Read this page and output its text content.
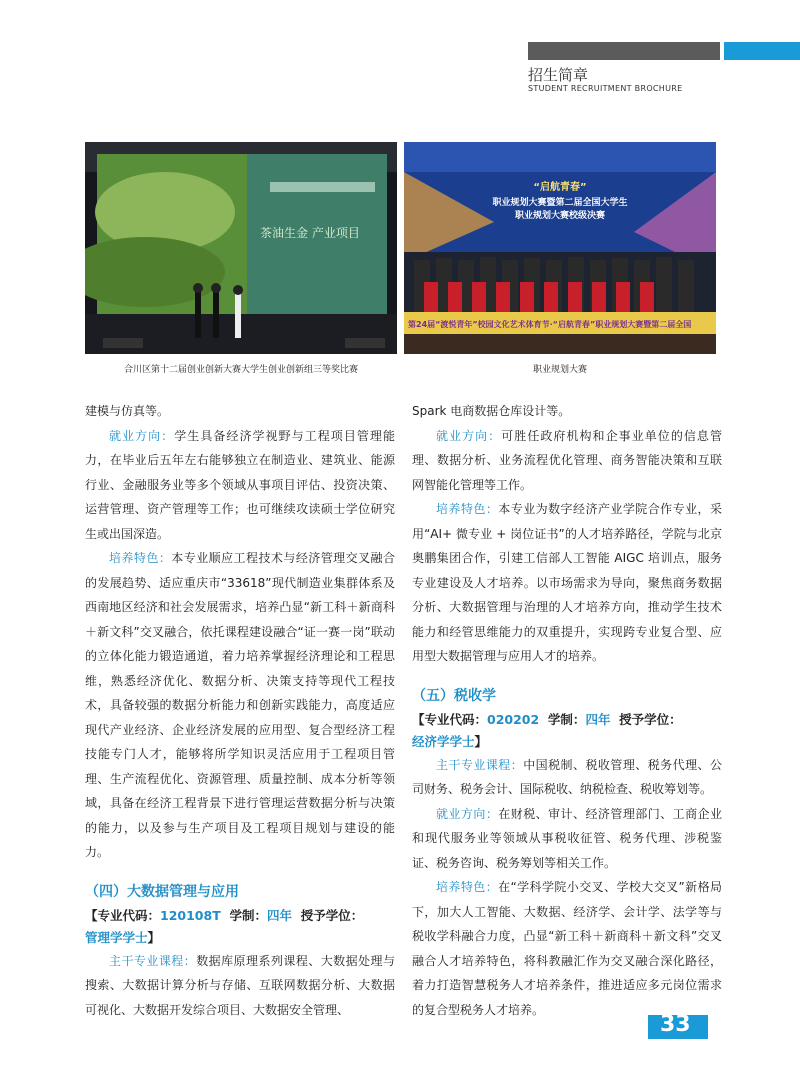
招生简章
STUDENT RECRUITMENT BROCHURE
茶油生金 产业项目
合川区第十二届创业创新大赛大学生创业创新组三等奖比赛
“启航青春”
职业规划大赛暨第二届全国大学生
职业规划大赛校级决赛
第24届“渡悦青年”校园文化艺术体育节·“启航青春”职业规划大赛暨第二届全国
职业规划大赛

建模与仿真等。

就业方向：学生具备经济学视野与工程项目管理能力，在毕业后五年左右能够独立在制造业、建筑业、能源行业、金融服务业等多个领域从事项目评估、投资决策、运营管理、资产管理等工作；也可继续攻读硕士学位研究生或出国深造。

培养特色：本专业顺应工程技术与经济管理交叉融合的发展趋势、适应重庆市“33618”现代制造业集群体系及西南地区经济和社会发展需求，培养凸显“新工科＋新商科＋新文科”交叉融合，依托课程建设融合“证一赛一岗”联动的立体化能力锻造通道，着力培养掌握经济理论和工程思维，熟悉经济优化、数据分析、决策支持等现代工程技术，具备较强的数据分析能力和创新实践能力，高度适应现代产业经济、企业经济发展的应用型、复合型经济工程技能专门人才，能够将所学知识灵活应用于工程项目管理、生产流程优化、资源管理、质量控制、成本分析等领域，具备在经济工程背景下进行管理运营数据分析与决策的能力，以及参与生产项目及工程项目规划与建设的能力。

（四）大数据管理与应用

【专业代码：120108T 学制：四年 授予学位：
管理学学士】

主干专业课程：数据库原理系列课程、大数据处理与搜索、大数据计算分析与存储、互联网数据分析、大数据可视化、大数据开发综合项目、大数据安全管理、

Spark 电商数据仓库设计等。

就业方向：可胜任政府机构和企事业单位的信息管理、数据分析、业务流程优化管理、商务智能决策和互联网智能化管理等工作。

培养特色：本专业为数字经济产业学院合作专业，采用“AI+ 微专业 + 岗位证书”的人才培养路径，学院与北京奥鹏集团合作，引建工信部人工智能 AIGC 培训点，服务专业建设及人才培养。以市场需求为导向，聚焦商务数据分析、大数据管理与治理的人才培养方向，推动学生技术能力和经管思维能力的双重提升，实现跨专业复合型、应用型大数据管理与应用人才的培养。

（五）税收学

【专业代码：020202 学制：四年 授予学位：
经济学学士】

主干专业课程：中国税制、税收管理、税务代理、公司财务、税务会计、国际税收、纳税检查、税收筹划等。

就业方向：在财税、审计、经济管理部门、工商企业和现代服务业等领域从事税收征管、税务代理、涉税鉴证、税务咨询、税务筹划等相关工作。

培养特色：在“学科学院小交叉、学校大交叉”新格局下，加大人工智能、大数据、经济学、会计学、法学等与税收学科融合力度，凸显“新工科＋新商科＋新文科”交叉融合人才培养特色，将科教融汇作为交叉融合深化路径，着力打造智慧税务人才培养条件，推进适应多元岗位需求的复合型税务人才培养。

33
